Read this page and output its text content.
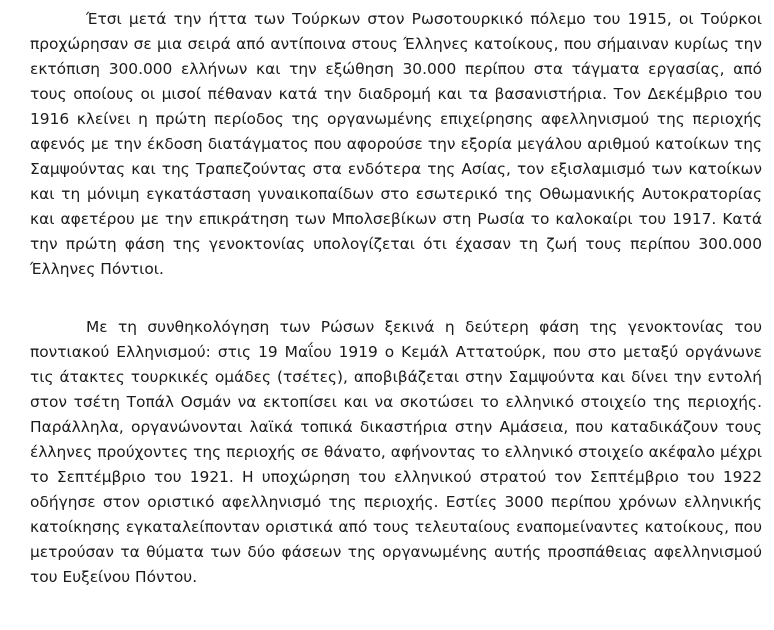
Έτσι μετά την ήττα των Τούρκων στον Ρωσοτουρκικό πόλεμο του 1915, οι Τούρκοι
προχώρησαν σε μια σειρά από αντίποινα στους Έλληνες κατοίκους, που σήμαιναν κυρίως την
εκτόπιση 300.000 ελλήνων και την εξώθηση 30.000 περίπου στα τάγματα εργασίας, από
τους οποίους οι μισοί πέθαναν κατά την διαδρομή και τα βασανιστήρια. Τον Δεκέμβριο του
1916 κλείνει η πρώτη περίοδος της οργανωμένης επιχείρησης αφελληνισμού της περιοχής
αφενός με την έκδοση διατάγματος που αφορούσε την εξορία μεγάλου αριθμού κατοίκων της
Σαμψούντας και της Τραπεζούντας στα ενδότερα της Ασίας, τον εξισλαμισμό των κατοίκων
και τη μόνιμη εγκατάσταση γυναικοπαίδων στο εσωτερικό της Οθωμανικής Αυτοκρατορίας
και αφετέρου με την επικράτηση των Μπολσεβίκων στη Ρωσία το καλοκαίρι του 1917. Κατά
την πρώτη φάση της γενοκτονίας υπολογίζεται ότι έχασαν τη ζωή τους περίπου 300.000
Έλληνες Πόντιοι.
Με τη συνθηκολόγηση των Ρώσων ξεκινά η δεύτερη φάση της γενοκτονίας του
ποντιακού Ελληνισμού: στις 19 Μαΐου 1919 ο Κεμάλ Αττατούρκ, που στο μεταξύ οργάνωνε
τις άτακτες τουρκικές ομάδες (τσέτες), αποβιβάζεται στην Σαμψούντα και δίνει την εντολή
στον τσέτη Τοπάλ Οσμάν να εκτοπίσει και να σκοτώσει το ελληνικό στοιχείο της περιοχής.
Παράλληλα, οργανώνονται λαϊκά τοπικά δικαστήρια στην Αμάσεια, που καταδικάζουν τους
έλληνες προύχοντες της περιοχής σε θάνατο, αφήνοντας το ελληνικό στοιχείο ακέφαλο μέχρι
το Σεπτέμβριο του 1921. Η υποχώρηση του ελληνικού στρατού τον Σεπτέμβριο του 1922
οδήγησε στον οριστικό αφελληνισμό της περιοχής. Εστίες 3000 περίπου χρόνων ελληνικής
κατοίκησης εγκαταλείπονταν οριστικά από τους τελευταίους εναπομείναντες κατοίκους, που
μετρούσαν τα θύματα των δύο φάσεων της οργανωμένης αυτής προσπάθειας αφελληνισμού
του Ευξείνου Πόντου.
